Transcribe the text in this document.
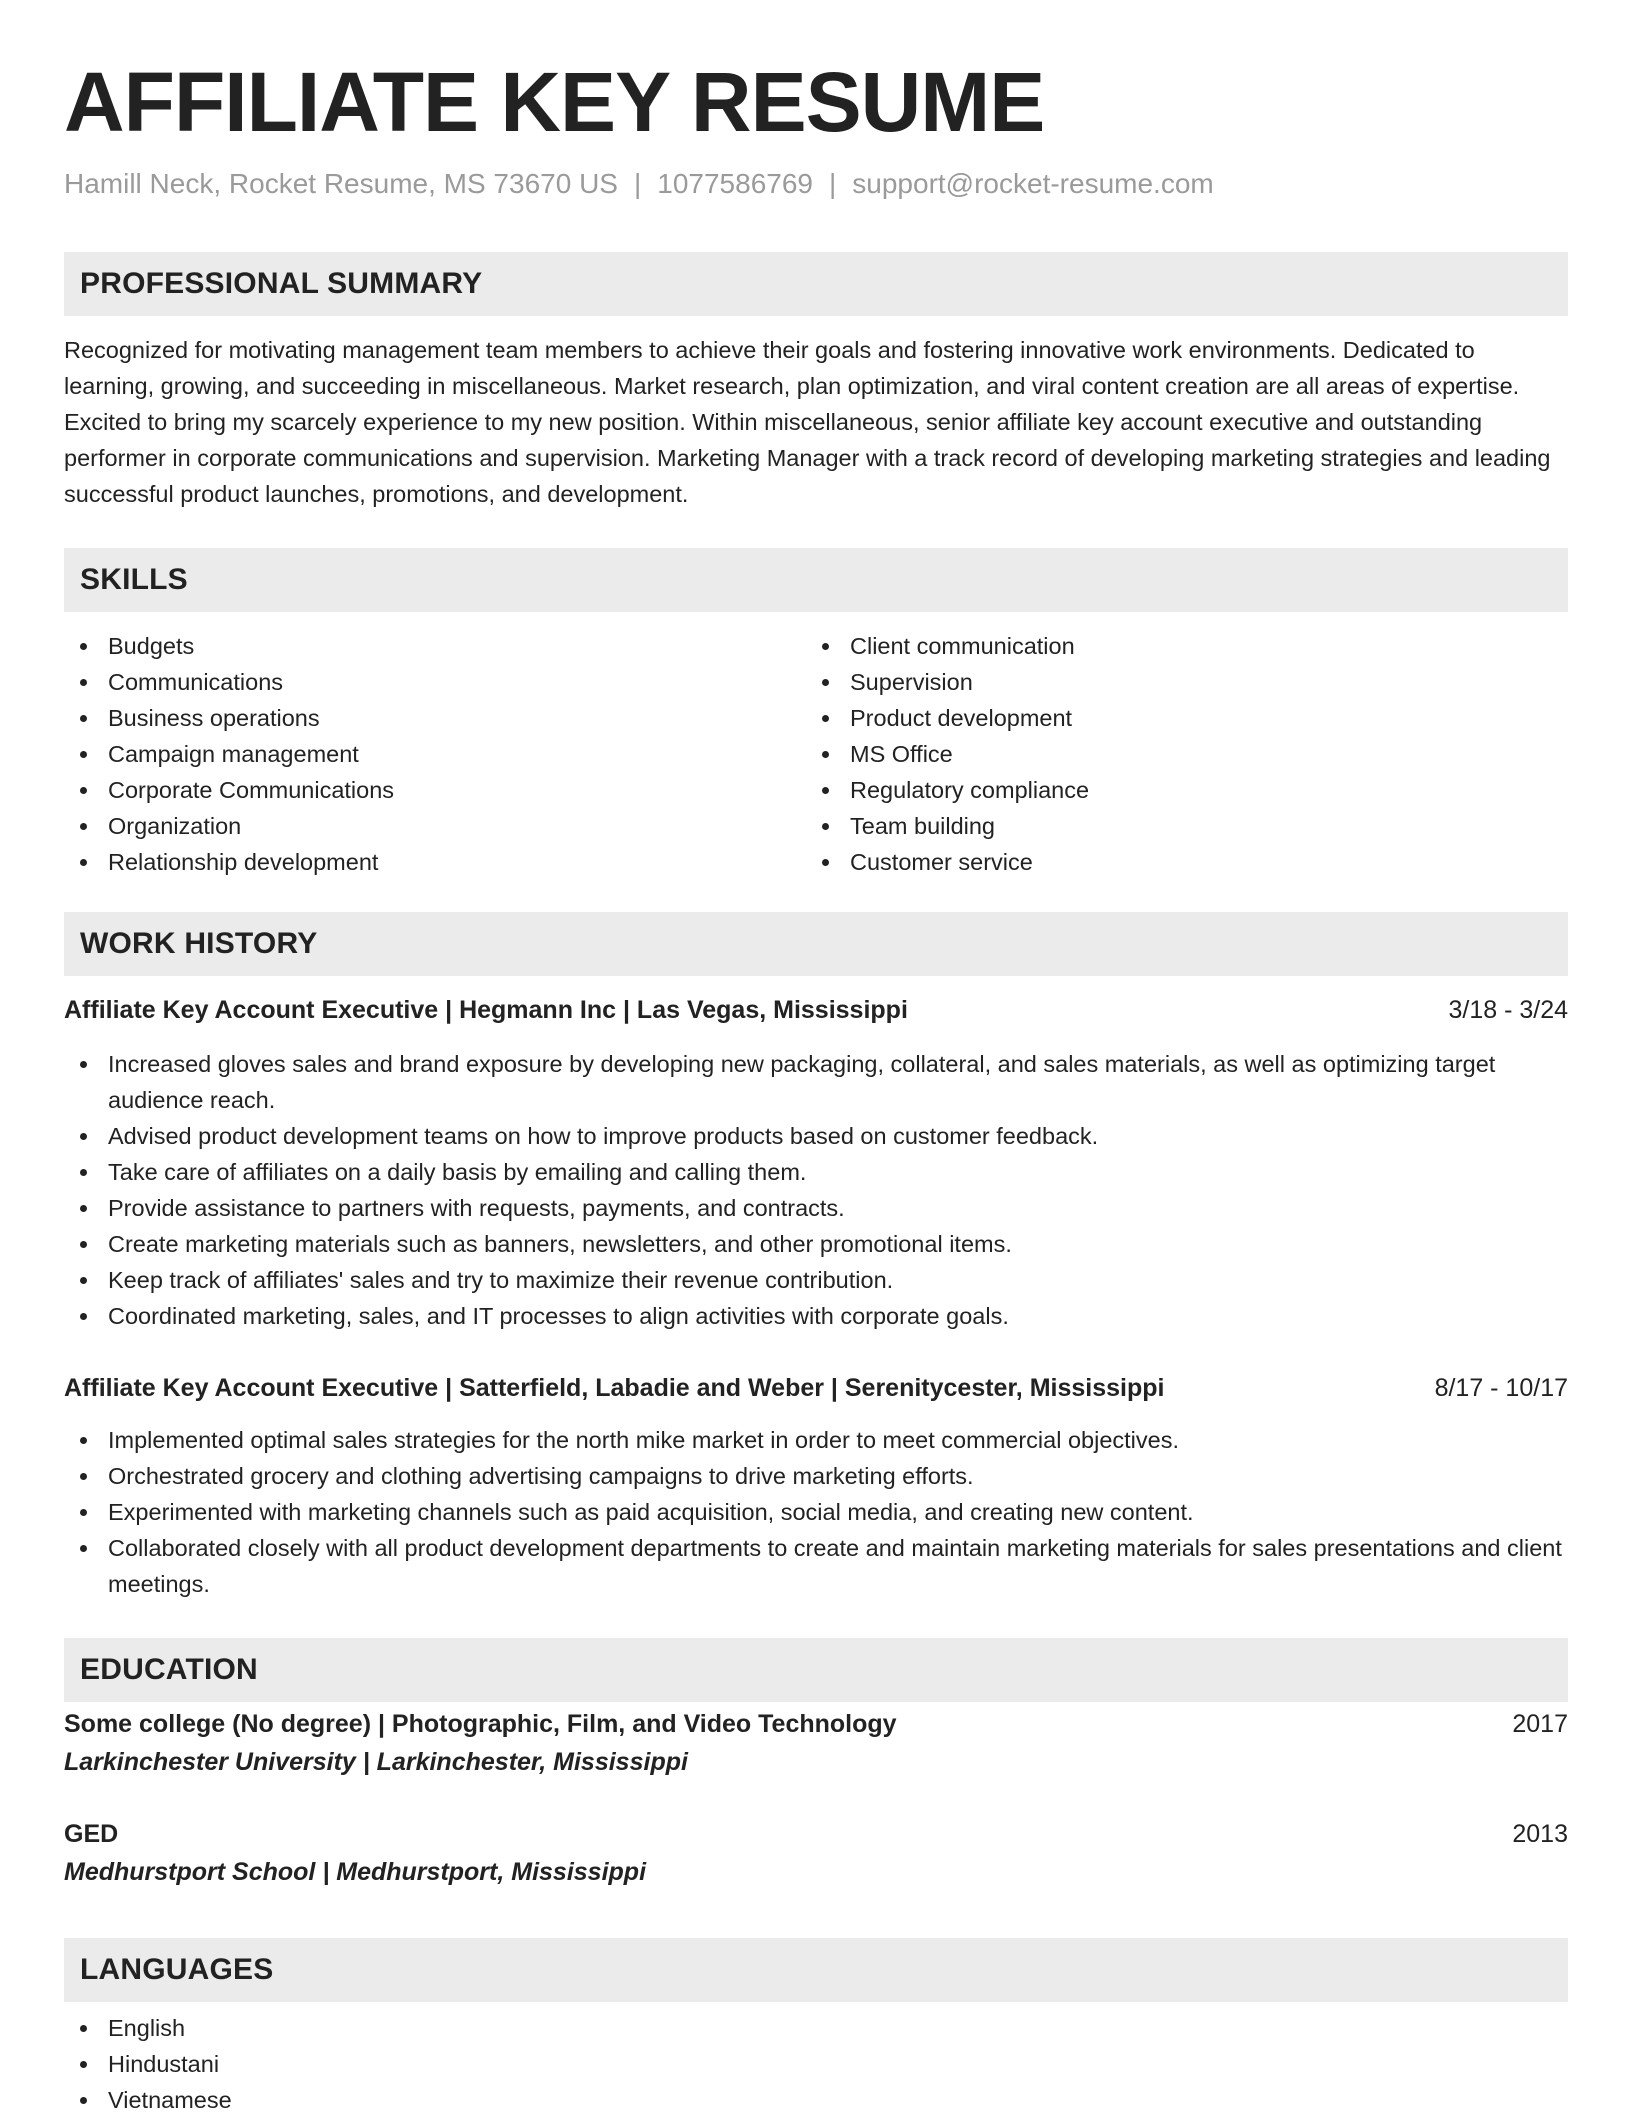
AFFILIATE KEY RESUME
Hamill Neck, Rocket Resume, MS 73670 US | 1077586769 | support@rocket-resume.com
PROFESSIONAL SUMMARY
Recognized for motivating management team members to achieve their goals and fostering innovative work environments. Dedicated to learning, growing, and succeeding in miscellaneous. Market research, plan optimization, and viral content creation are all areas of expertise. Excited to bring my scarcely experience to my new position. Within miscellaneous, senior affiliate key account executive and outstanding performer in corporate communications and supervision. Marketing Manager with a track record of developing marketing strategies and leading successful product launches, promotions, and development.
SKILLS
Budgets
Communications
Business operations
Campaign management
Corporate Communications
Organization
Relationship development
Client communication
Supervision
Product development
MS Office
Regulatory compliance
Team building
Customer service
WORK HISTORY
Affiliate Key Account Executive | Hegmann Inc | Las Vegas, Mississippi	3/18 - 3/24
Increased gloves sales and brand exposure by developing new packaging, collateral, and sales materials, as well as optimizing target audience reach.
Advised product development teams on how to improve products based on customer feedback.
Take care of affiliates on a daily basis by emailing and calling them.
Provide assistance to partners with requests, payments, and contracts.
Create marketing materials such as banners, newsletters, and other promotional items.
Keep track of affiliates' sales and try to maximize their revenue contribution.
Coordinated marketing, sales, and IT processes to align activities with corporate goals.
Affiliate Key Account Executive | Satterfield, Labadie and Weber | Serenitycester, Mississippi	8/17 - 10/17
Implemented optimal sales strategies for the north mike market in order to meet commercial objectives.
Orchestrated grocery and clothing advertising campaigns to drive marketing efforts.
Experimented with marketing channels such as paid acquisition, social media, and creating new content.
Collaborated closely with all product development departments to create and maintain marketing materials for sales presentations and client meetings.
EDUCATION
Some college (No degree) | Photographic, Film, and Video Technology	2017
Larkinchester University | Larkinchester, Mississippi
GED	2013
Medhurstport School | Medhurstport, Mississippi
LANGUAGES
English
Hindustani
Vietnamese
